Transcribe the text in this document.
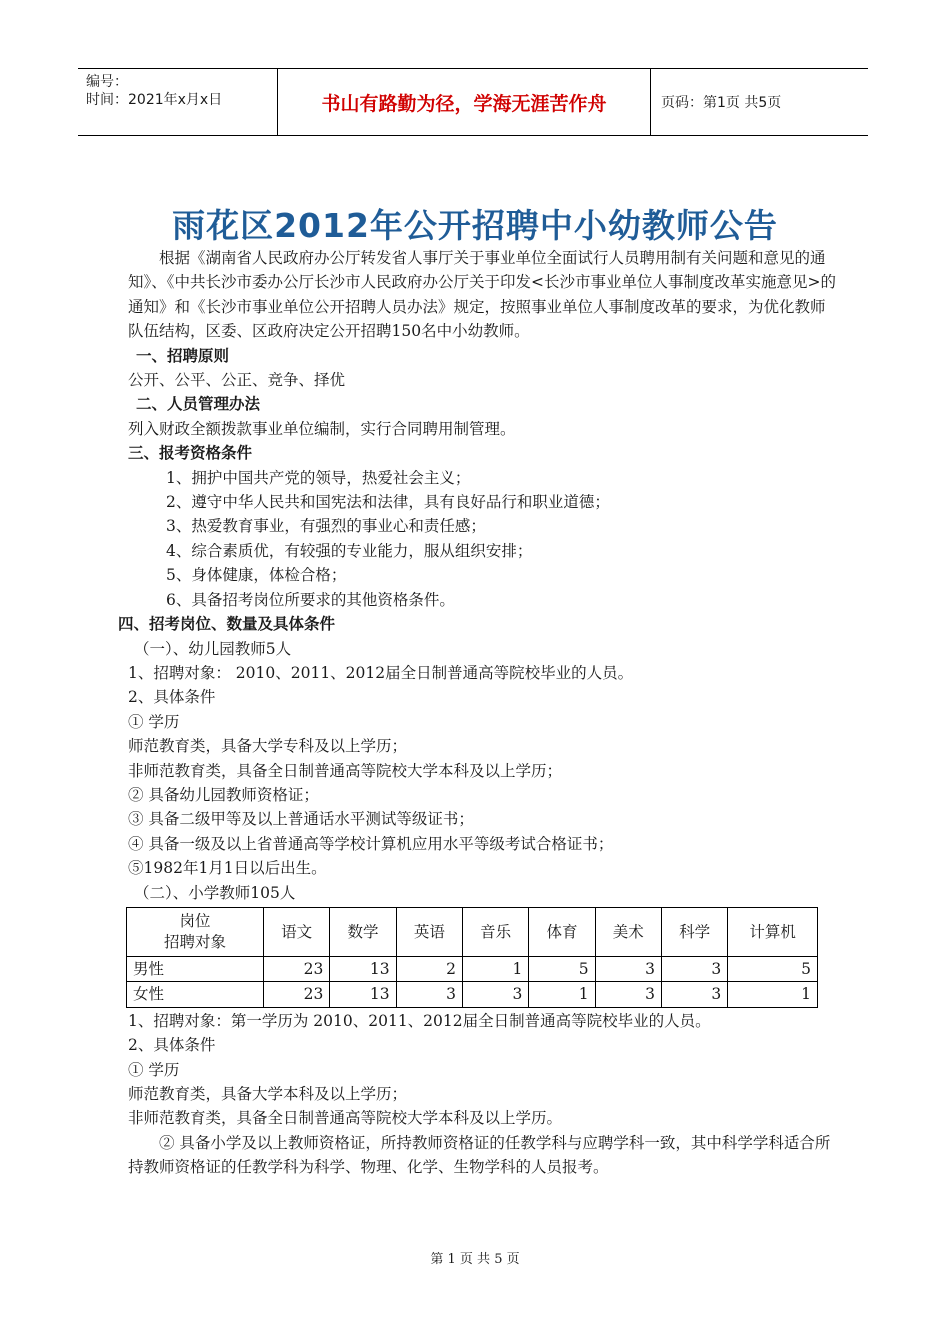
编号：
时间：2021年x月x日	书山有路勤为径，学海无涯苦作舟	页码：第1页 共5页
雨花区2012年公开招聘中小幼教师公告

根据《湖南省人民政府办公厅转发省人事厅关于事业单位全面试行人员聘用制有关问题和意见的通知》、《中共长沙市委办公厅长沙市人民政府办公厅关于印发<长沙市事业单位人事制度改革实施意见>的通知》和《长沙市事业单位公开招聘人员办法》规定，按照事业单位人事制度改革的要求，为优化教师队伍结构，区委、区政府决定公开招聘150名中小幼教师。

一、招聘原则
公开、公平、公正、竞争、择优
二、人员管理办法
列入财政全额拨款事业单位编制，实行合同聘用制管理。
三、报考资格条件
1、拥护中国共产党的领导，热爱社会主义；
2、遵守中华人民共和国宪法和法律，具有良好品行和职业道德；
3、热爱教育事业，有强烈的事业心和责任感；
4、综合素质优，有较强的专业能力，服从组织安排；
5、身体健康，体检合格；
6、具备招考岗位所要求的其他资格条件。
四、招考岗位、数量及具体条件
（一）、幼儿园教师5人
1、招聘对象： 2010、2011、2012届全日制普通高等院校毕业的人员。
2、具体条件
① 学历
师范教育类，具备大学专科及以上学历；
非师范教育类，具备全日制普通高等院校大学本科及以上学历；
② 具备幼儿园教师资格证；
③ 具备二级甲等及以上普通话水平测试等级证书；
④ 具备一级及以上省普通高等学校计算机应用水平等级考试合格证书；
⑤1982年1月1日以后出生。
（二）、小学教师105人
岗位
招聘对象	语文	数学	英语	音乐	体育	美术	科学	计算机
男性	23	13	2	1	5	3	3	5
女性	23	13	3	3	1	3	3	1
1、招聘对象：第一学历为 2010、2011、2012届全日制普通高等院校毕业的人员。
2、具体条件
① 学历
师范教育类，具备大学本科及以上学历；
非师范教育类，具备全日制普通高等院校大学本科及以上学历。

② 具备小学及以上教师资格证，所持教师资格证的任教学科与应聘学科一致，其中科学学科适合所持教师资格证的任教学科为科学、物理、化学、生物学科的人员报考。

第 1 页 共 5 页
